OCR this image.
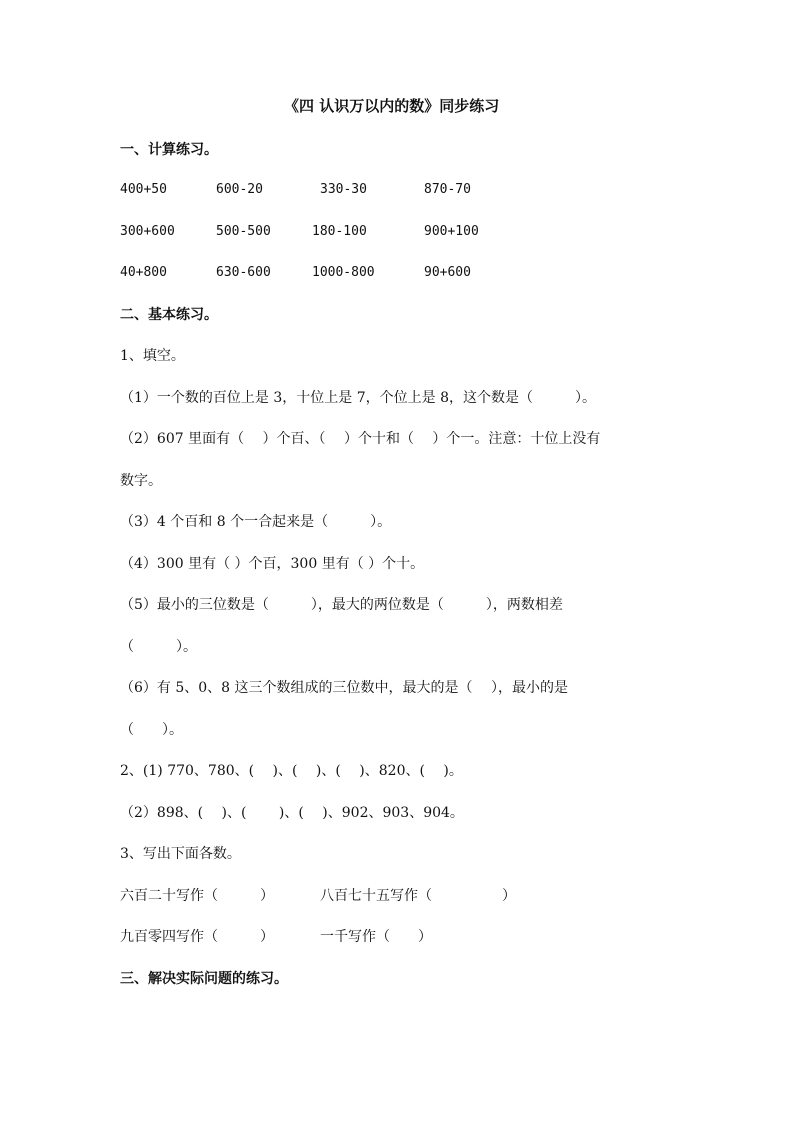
《四 认识万以内的数》同步练习
一、计算练习。
400+50	600-20	330-30	870-70
300+600	500-500	180-100	900+100
40+800	630-600	1000-800	90+600
二、基本练习。
1、填空。
（1）一个数的百位上是 3，十位上是 7，个位上是 8，这个数是（　　　）。
（2）607 里面有（　 ）个百、（　 ）个十和（　 ）个一。注意：十位上没有
数字。
（3）4 个百和 8 个一合起来是（　　　）。
（4）300 里有（ ）个百，300 里有（ ）个十。
（5）最小的三位数是（　　　），最大的两位数是（　　　），两数相差
（　　　）。
（6）有 5、0、8 这三个数组成的三位数中，最大的是（　 ），最小的是
（　　）。
2、(1) 770、780、(　 )、(　 )、(　 )、820、(　 )。
（2）898、(　 )、(　　 )、(　 )、902、903、904。
3、写出下面各数。
六百二十写作（　　　）	八百七十五写作（　　　　　）
九百零四写作（　　　）	一千写作（　　）
三、解决实际问题的练习。
